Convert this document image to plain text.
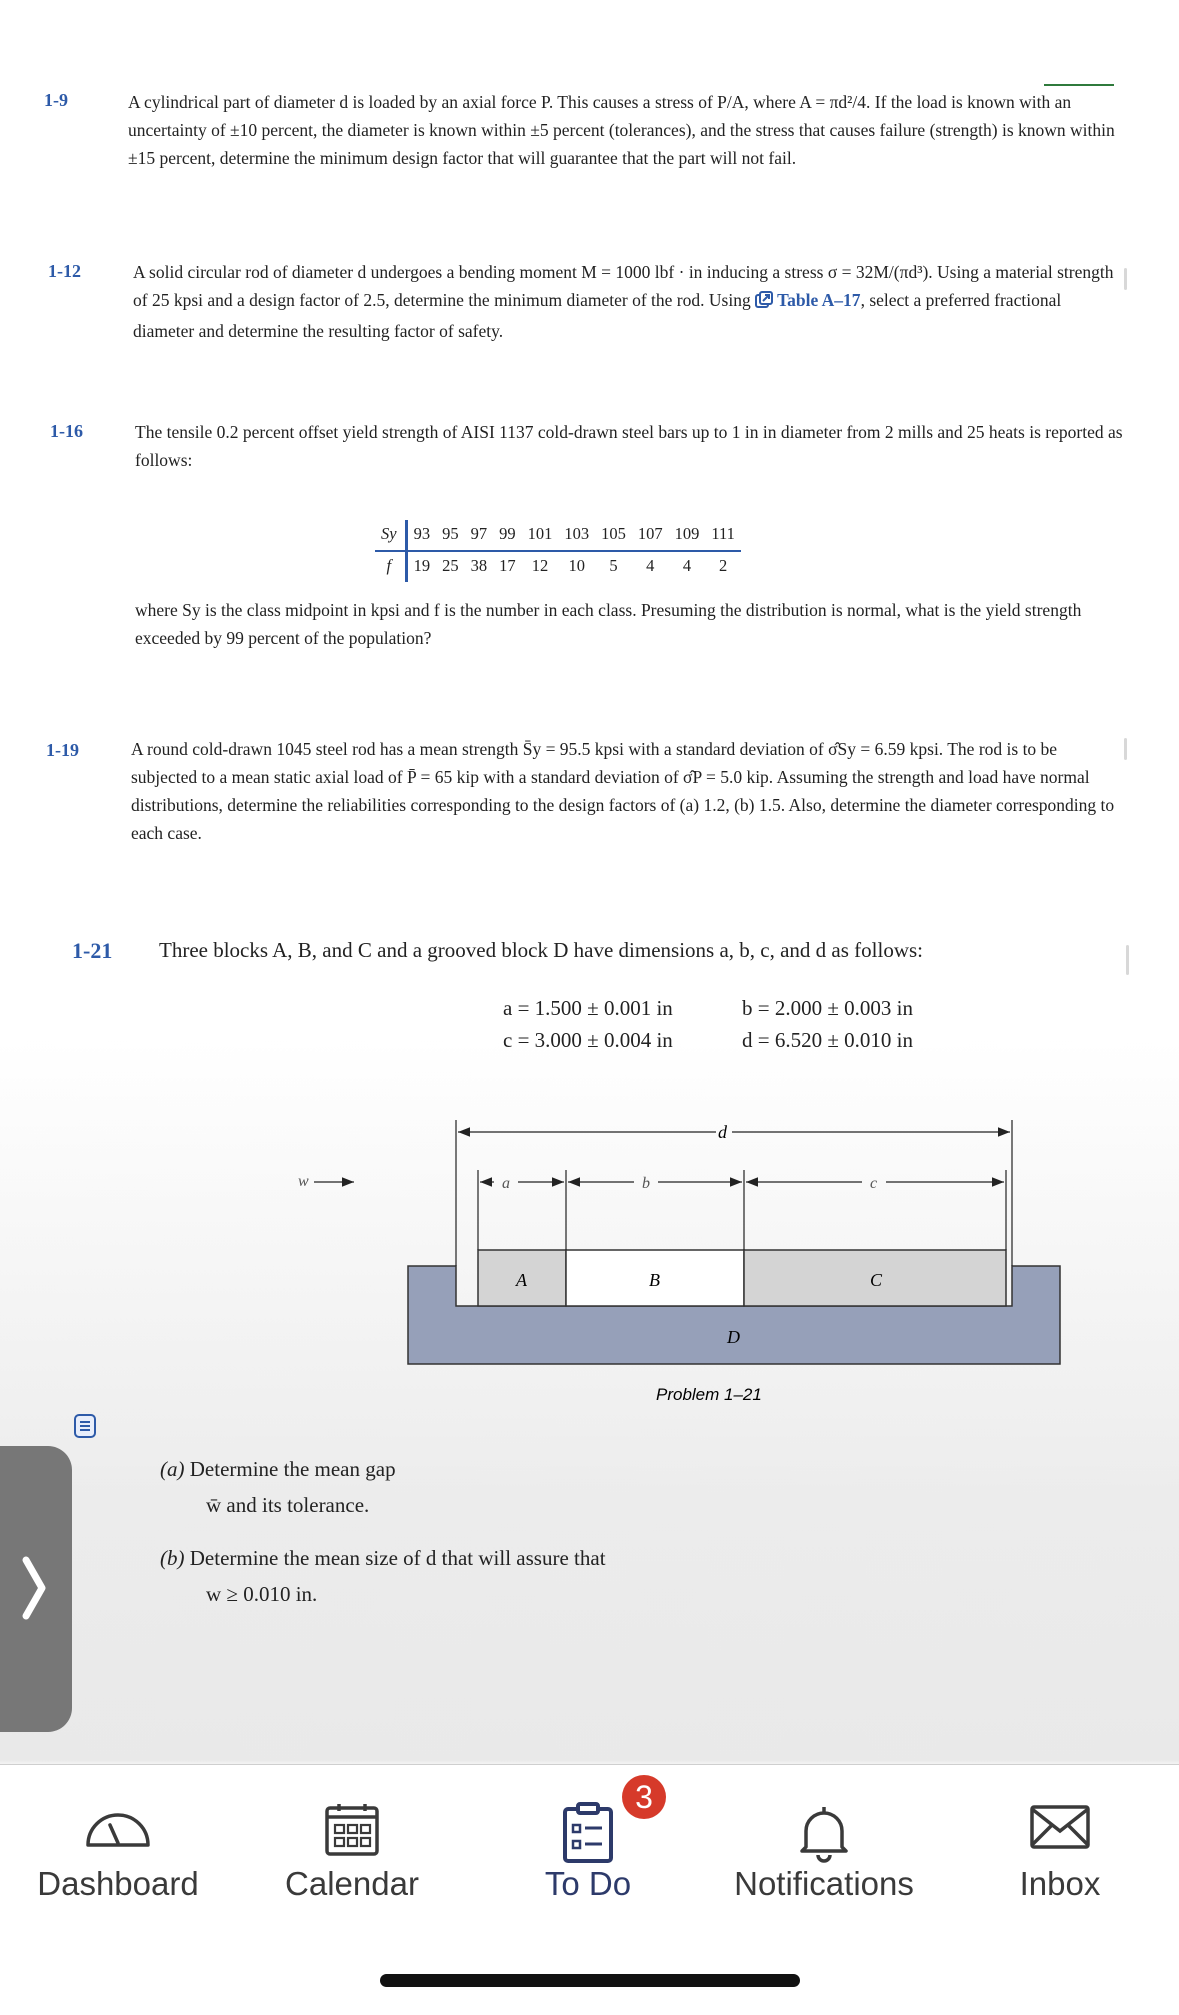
1-9	A cylindrical part of diameter d is loaded by an axial force P. This causes a stress of P/A, where A = πd²/4. If the load is known with an uncertainty of ±10 percent, the diameter is known within ±5 percent (tolerances), and the stress that causes failure (strength) is known within ±15 percent, determine the minimum design factor that will guarantee that the part will not fail.
1-12	A solid circular rod of diameter d undergoes a bending moment M = 1000 lbf · in inducing a stress σ = 32M/(πd³). Using a material strength of 25 kpsi and a design factor of 2.5, determine the minimum diameter of the rod. Using Table A–17, select a preferred fractional diameter and determine the resulting factor of safety.
1-16	The tensile 0.2 percent offset yield strength of AISI 1137 cold-drawn steel bars up to 1 in in diameter from 2 mills and 25 heats is reported as follows:
Sy	93	95	97	99	101	103	105	107	109	111
f	19	25	38	17	12	10	5	4	4	2
where Sy is the class midpoint in kpsi and f is the number in each class. Presuming the distribution is normal, what is the yield strength exceeded by 99 percent of the population?
1-19	A round cold-drawn 1045 steel rod has a mean strength S̄y = 95.5 kpsi with a standard deviation of σ̂Sy = 6.59 kpsi. The rod is to be subjected to a mean static axial load of P̄ = 65 kip with a standard deviation of σ̂P = 5.0 kip. Assuming the strength and load have normal distributions, determine the reliabilities corresponding to the design factors of (a) 1.2, (b) 1.5. Also, determine the diameter corresponding to each case.
1-21 Three blocks A, B, and C and a grooved block D have dimensions a, b, c, and d as follows:
a = 1.500 ± 0.001 in	b = 2.000 ± 0.003 in
c = 3.000 ± 0.004 in	d = 6.520 ± 0.010 in
d
w	a	b	c
A	B	C
D
Problem 1–21
(a) Determine the mean gap
w̄ and its tolerance.
(b) Determine the mean size of d that will assure that
w ≥ 0.010 in.
Dashboard	Calendar	To Do	Notifications	Inbox
3
